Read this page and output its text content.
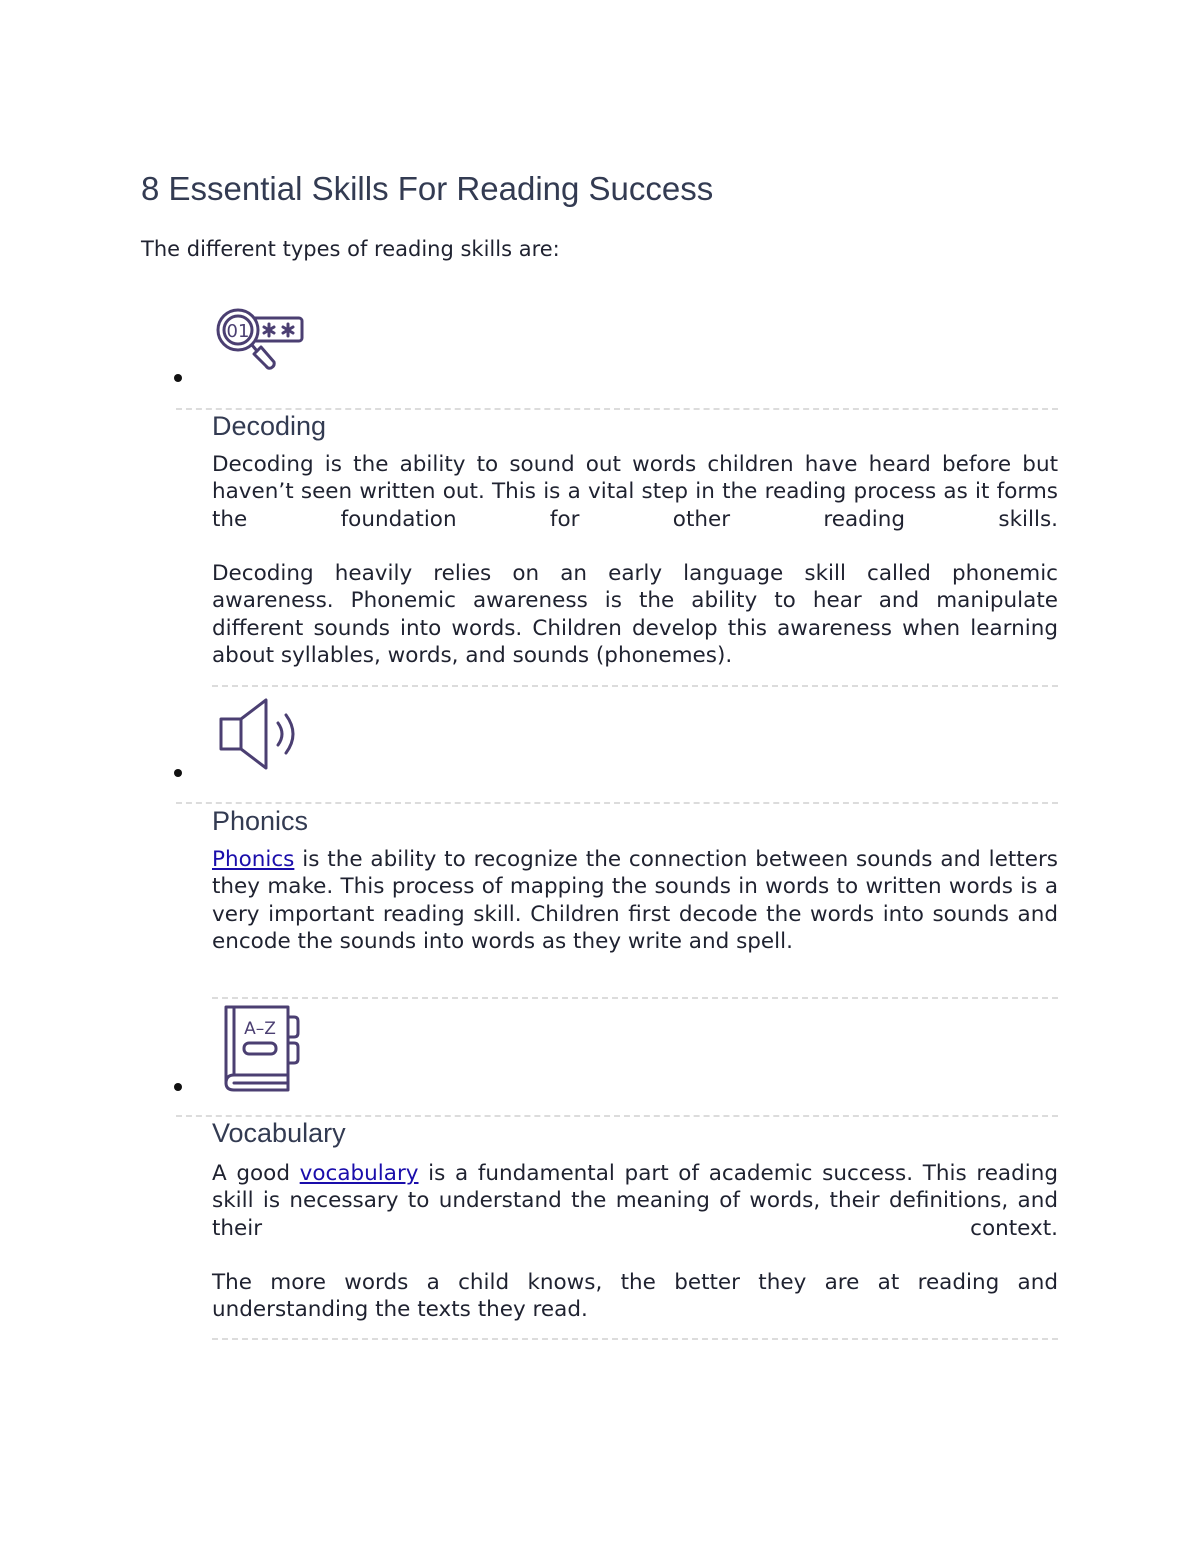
8 Essential Skills For Reading Success

The different types of reading skills are:

01
Decoding

Decoding is the ability to sound out words children have heard before but haven’t seen written out. This is a vital step in the reading process as it forms the foundation for other reading skills.

Decoding heavily relies on an early language skill called phonemic awareness. Phonemic awareness is the ability to hear and manipulate different sounds into words. Children develop this awareness when learning about syllables, words, and sounds (phonemes).

Phonics

Phonics is the ability to recognize the connection between sounds and letters they make. This process of mapping the sounds in words to written words is a very important reading skill. Children first decode the words into sounds and encode the sounds into words as they write and spell.

A–Z
Vocabulary

A good vocabulary is a fundamental part of academic success. This reading skill is necessary to understand the meaning of words, their definitions, and their context.

The more words a child knows, the better they are at reading and understanding the texts they read.
